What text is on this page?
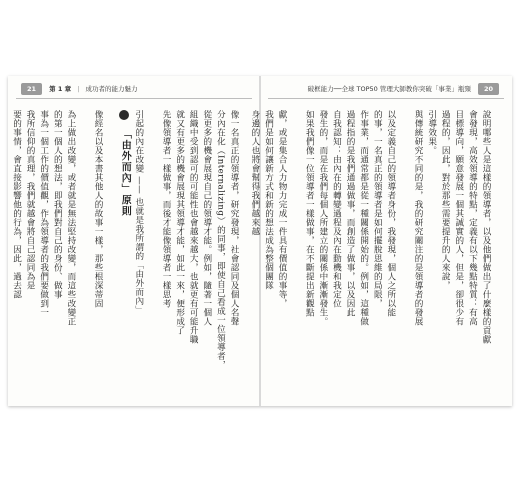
21 第 1 章 | 成功者的能力魅力

像一名真正的領導者，研究發現，社會認同及個人名聲

分內在化（Internalizing）的同事，即使自己看成一位領導者，

從更多的機會展現自己的領導才能。例如，隨著一個人

組織中受到認可的可能性也會越來越大，也就更有可能升職

就又有更多的機會展現其領導才能，如此一來，便形成了

先像領導者一樣做事，而後才能像領導者一樣思考

引起的內在改變 —— 也就是我所謂的「由外而內」

「由外而內」原則

像經名以及本書其他人的故事一樣，那些根深蒂固

為上做出改變，或者就是無法堅持改變，而這些改變正

的第一個人的想法，即我們對自己的身份、做事

事為一個工作的價值觀，作為領導者的我們要做到一

我所信仰的真理，我們就越會將自己認同為是

要的事情，會直接影響他的行為，因此，過去認

破框能力──全球 TOP50 管理大師教你突破「事業」瓶頸 20

說明哪些人是這樣的領導者，以及他們做出了什麼樣的貢獻

會發現，高效領導的特點，定義有以下幾點特質：有高

目標導向，願意發展一個其誠實的人，但是，卻很少有

過程的，因此，對於那些需要提升的人來說，

引導效果。

與傳統研究不同的是，我的研究關注的是領導者的發展

以及定義自己的領導者身份，我發現，個人之所以能

的事，一名真正的領導者是如何擺脫思維的局限，

作事業，而通常都是從一種關係開始的。例如，這種做

過程指的是我們通過做事，而創造了做事，以及因此

自我認知：由內在的轉變過程及內在動機和我定位

發生的，而是在我們每個人所建立的關係中漸漸發生。

如果我們像一位領導者一樣做事，在不斷提出新觀點

獻，或是集合人力物力完成一件具有價值的事等，

我們是如何讓新方式和新的想法成為整個團隊

身邊的人也將會幫得我們越來越
